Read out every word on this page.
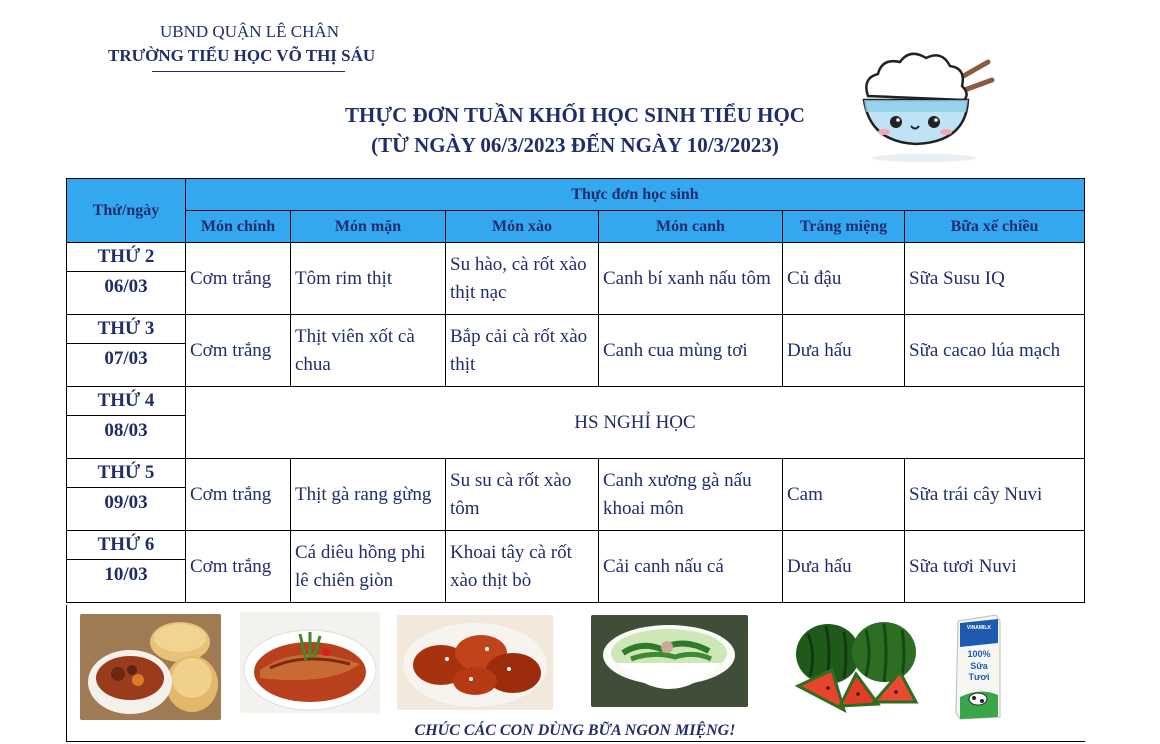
UBND QUẬN LÊ CHÂN
TRƯỜNG TIỂU HỌC VÕ THỊ SÁU
THỰC ĐƠN TUẦN KHỐI HỌC SINH TIỂU HỌC
(TỪ NGÀY 06/3/2023 ĐẾN NGÀY 10/3/2023)
Thứ/ngày	Thực đơn học sinh					
	Món chính	Món mặn	Món xào	Món canh	Tráng miệng	Bữa xế chiều

THỨ 2
06/03	Cơm trắng	Tôm rim thịt	Su hào, cà rốt xào thịt nạc	Canh bí xanh nấu tôm	Củ đậu	Sữa Susu IQ

THỨ 3
07/03	Cơm trắng	Thịt viên xốt cà chua	Bắp cải cà rốt xào thịt	Canh cua mùng tơi	Dưa hấu	Sữa cacao lúa mạch

THỨ 4
08/03	HS NGHỈ HỌC					

THỨ 5
09/03	Cơm trắng	Thịt gà rang gừng	Su su cà rốt xào tôm	Canh xương gà nấu khoai môn	Cam	Sữa trái cây Nuvi

THỨ 6
10/03	Cơm trắng	Cá diêu hồng phi lê chiên giòn	Khoai tây cà rốt xào thịt bò	Cải canh nấu cá	Dưa hấu	Sữa tươi Nuvi
VINAMILK
100%
Sữa
Tươi
CHÚC CÁC CON DÙNG BỮA NGON MIỆNG!
